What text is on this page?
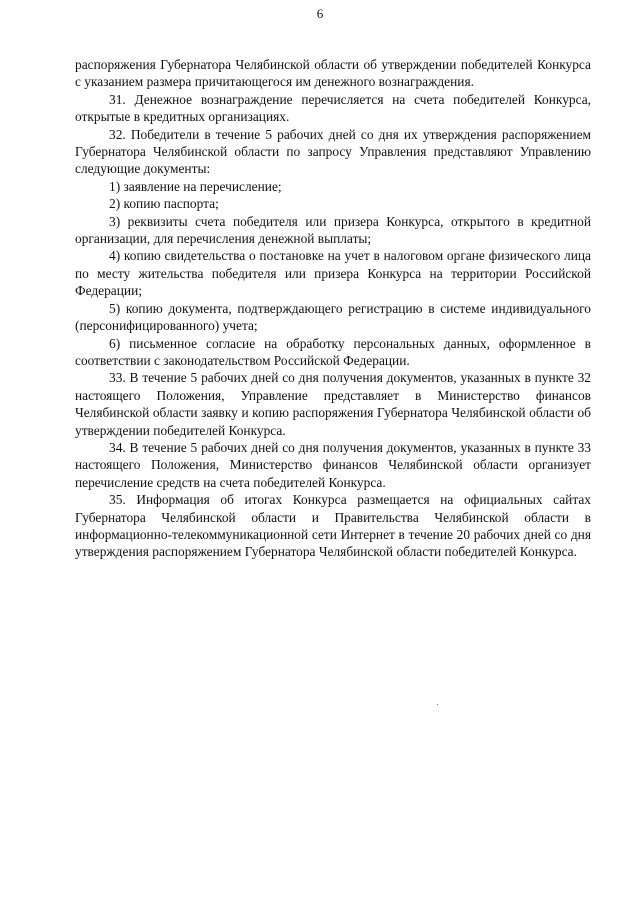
6

распоряжения Губернатора Челябинской области об утверждении победителей Конкурса с указанием размера причитающегося им денежного вознаграждения.

31. Денежное вознаграждение перечисляется на счета победителей Конкурса, открытые в кредитных организациях.

32. Победители в течение 5 рабочих дней со дня их утверждения распоряжением Губернатора Челябинской области по запросу Управления представляют Управлению следующие документы:

1) заявление на перечисление;

2) копию паспорта;

3) реквизиты счета победителя или призера Конкурса, открытого в кредитной организации, для перечисления денежной выплаты;

4) копию свидетельства о постановке на учет в налоговом органе физического лица по месту жительства победителя или призера Конкурса на территории Российской Федерации;

5) копию документа, подтверждающего регистрацию в системе индивидуального (персонифицированного) учета;

6) письменное согласие на обработку персональных данных, оформленное в соответствии с законодательством Российской Федерации.

33. В течение 5 рабочих дней со дня получения документов, указанных в пункте 32 настоящего Положения, Управление представляет в Министерство финансов Челябинской области заявку и копию распоряжения Губернатора Челябинской области об утверждении победителей Конкурса.

34. В течение 5 рабочих дней со дня получения документов, указанных в пункте 33 настоящего Положения, Министерство финансов Челябинской области организует перечисление средств на счета победителей Конкурса.

35. Информация об итогах Конкурса размещается на официальных сайтах Губернатора Челябинской области и Правительства Челябинской области в информационно-телекоммуникационной сети Интернет в течение 20 рабочих дней со дня утверждения распоряжением Губернатора Челябинской области победителей Конкурса.
